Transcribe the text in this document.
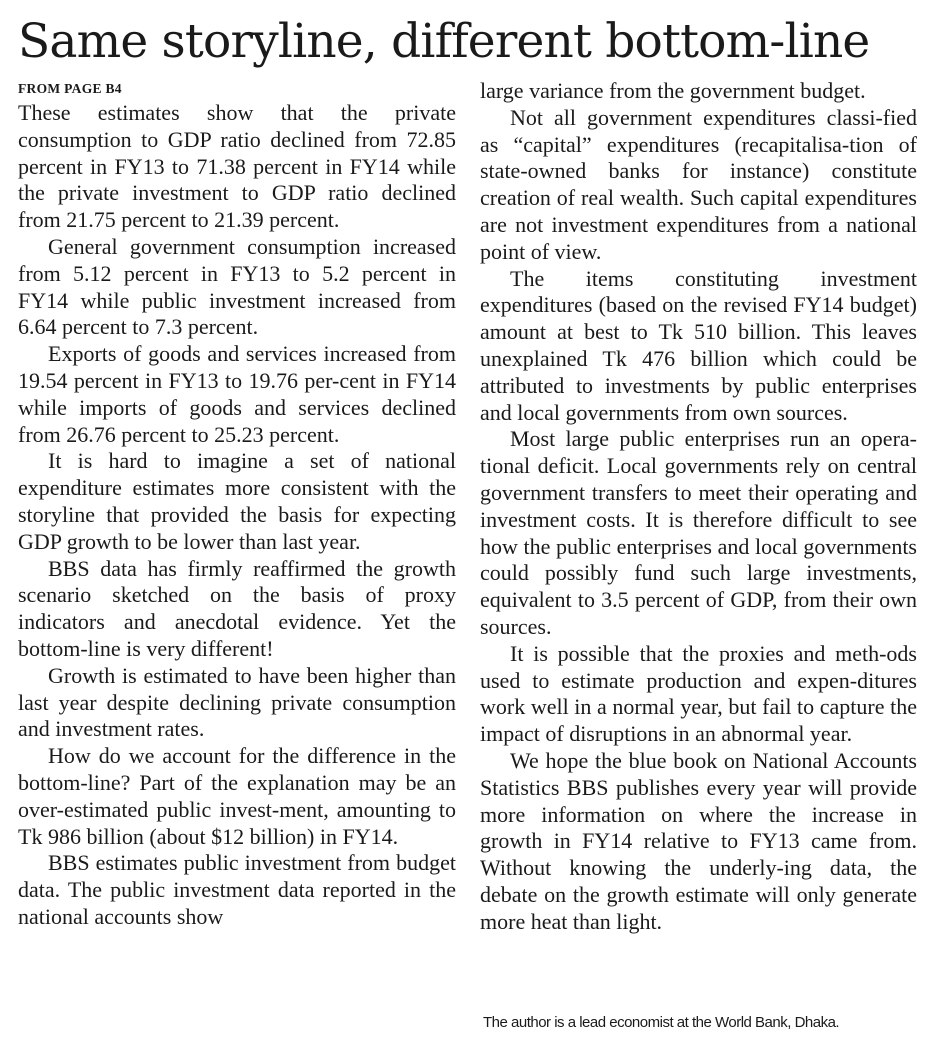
Same storyline, different bottom-line
FROM PAGE B4

These estimates show that the private consumption to GDP ratio declined from 72.85 percent in FY13 to 71.38 percent in FY14 while the private investment to GDP ratio declined from 21.75 percent to 21.39 percent.

General government consumption increased from 5.12 percent in FY13 to 5.2 percent in FY14 while public investment increased from 6.64 percent to 7.3 percent.

Exports of goods and services increased from 19.54 percent in FY13 to 19.76 per-cent in FY14 while imports of goods and services declined from 26.76 percent to 25.23 percent.

It is hard to imagine a set of national expenditure estimates more consistent with the storyline that provided the basis for expecting GDP growth to be lower than last year.

BBS data has firmly reaffirmed the growth scenario sketched on the basis of proxy indicators and anecdotal evidence. Yet the bottom-line is very different!

Growth is estimated to have been higher than last year despite declining private consumption and investment rates.

How do we account for the difference in the bottom-line? Part of the explanation may be an over-estimated public invest-ment, amounting to Tk 986 billion (about $12 billion) in FY14.

BBS estimates public investment from budget data. The public investment data reported in the national accounts show

large variance from the government budget.

Not all government expenditures classi-fied as “capital” expenditures (recapitalisa-tion of state-owned banks for instance) constitute creation of real wealth. Such capital expenditures are not investment expenditures from a national point of view.

The items constituting investment expenditures (based on the revised FY14 budget) amount at best to Tk 510 billion. This leaves unexplained Tk 476 billion which could be attributed to investments by public enterprises and local governments from own sources.

Most large public enterprises run an opera-tional deficit. Local governments rely on central government transfers to meet their operating and investment costs. It is therefore difficult to see how the public enterprises and local governments could possibly fund such large investments, equivalent to 3.5 percent of GDP, from their own sources.

It is possible that the proxies and meth-ods used to estimate production and expen-ditures work well in a normal year, but fail to capture the impact of disruptions in an abnormal year.

We hope the blue book on National Accounts Statistics BBS publishes every year will provide more information on where the increase in growth in FY14 relative to FY13 came from. Without knowing the underly-ing data, the debate on the growth estimate will only generate more heat than light.

The author is a lead economist at the World Bank, Dhaka.
